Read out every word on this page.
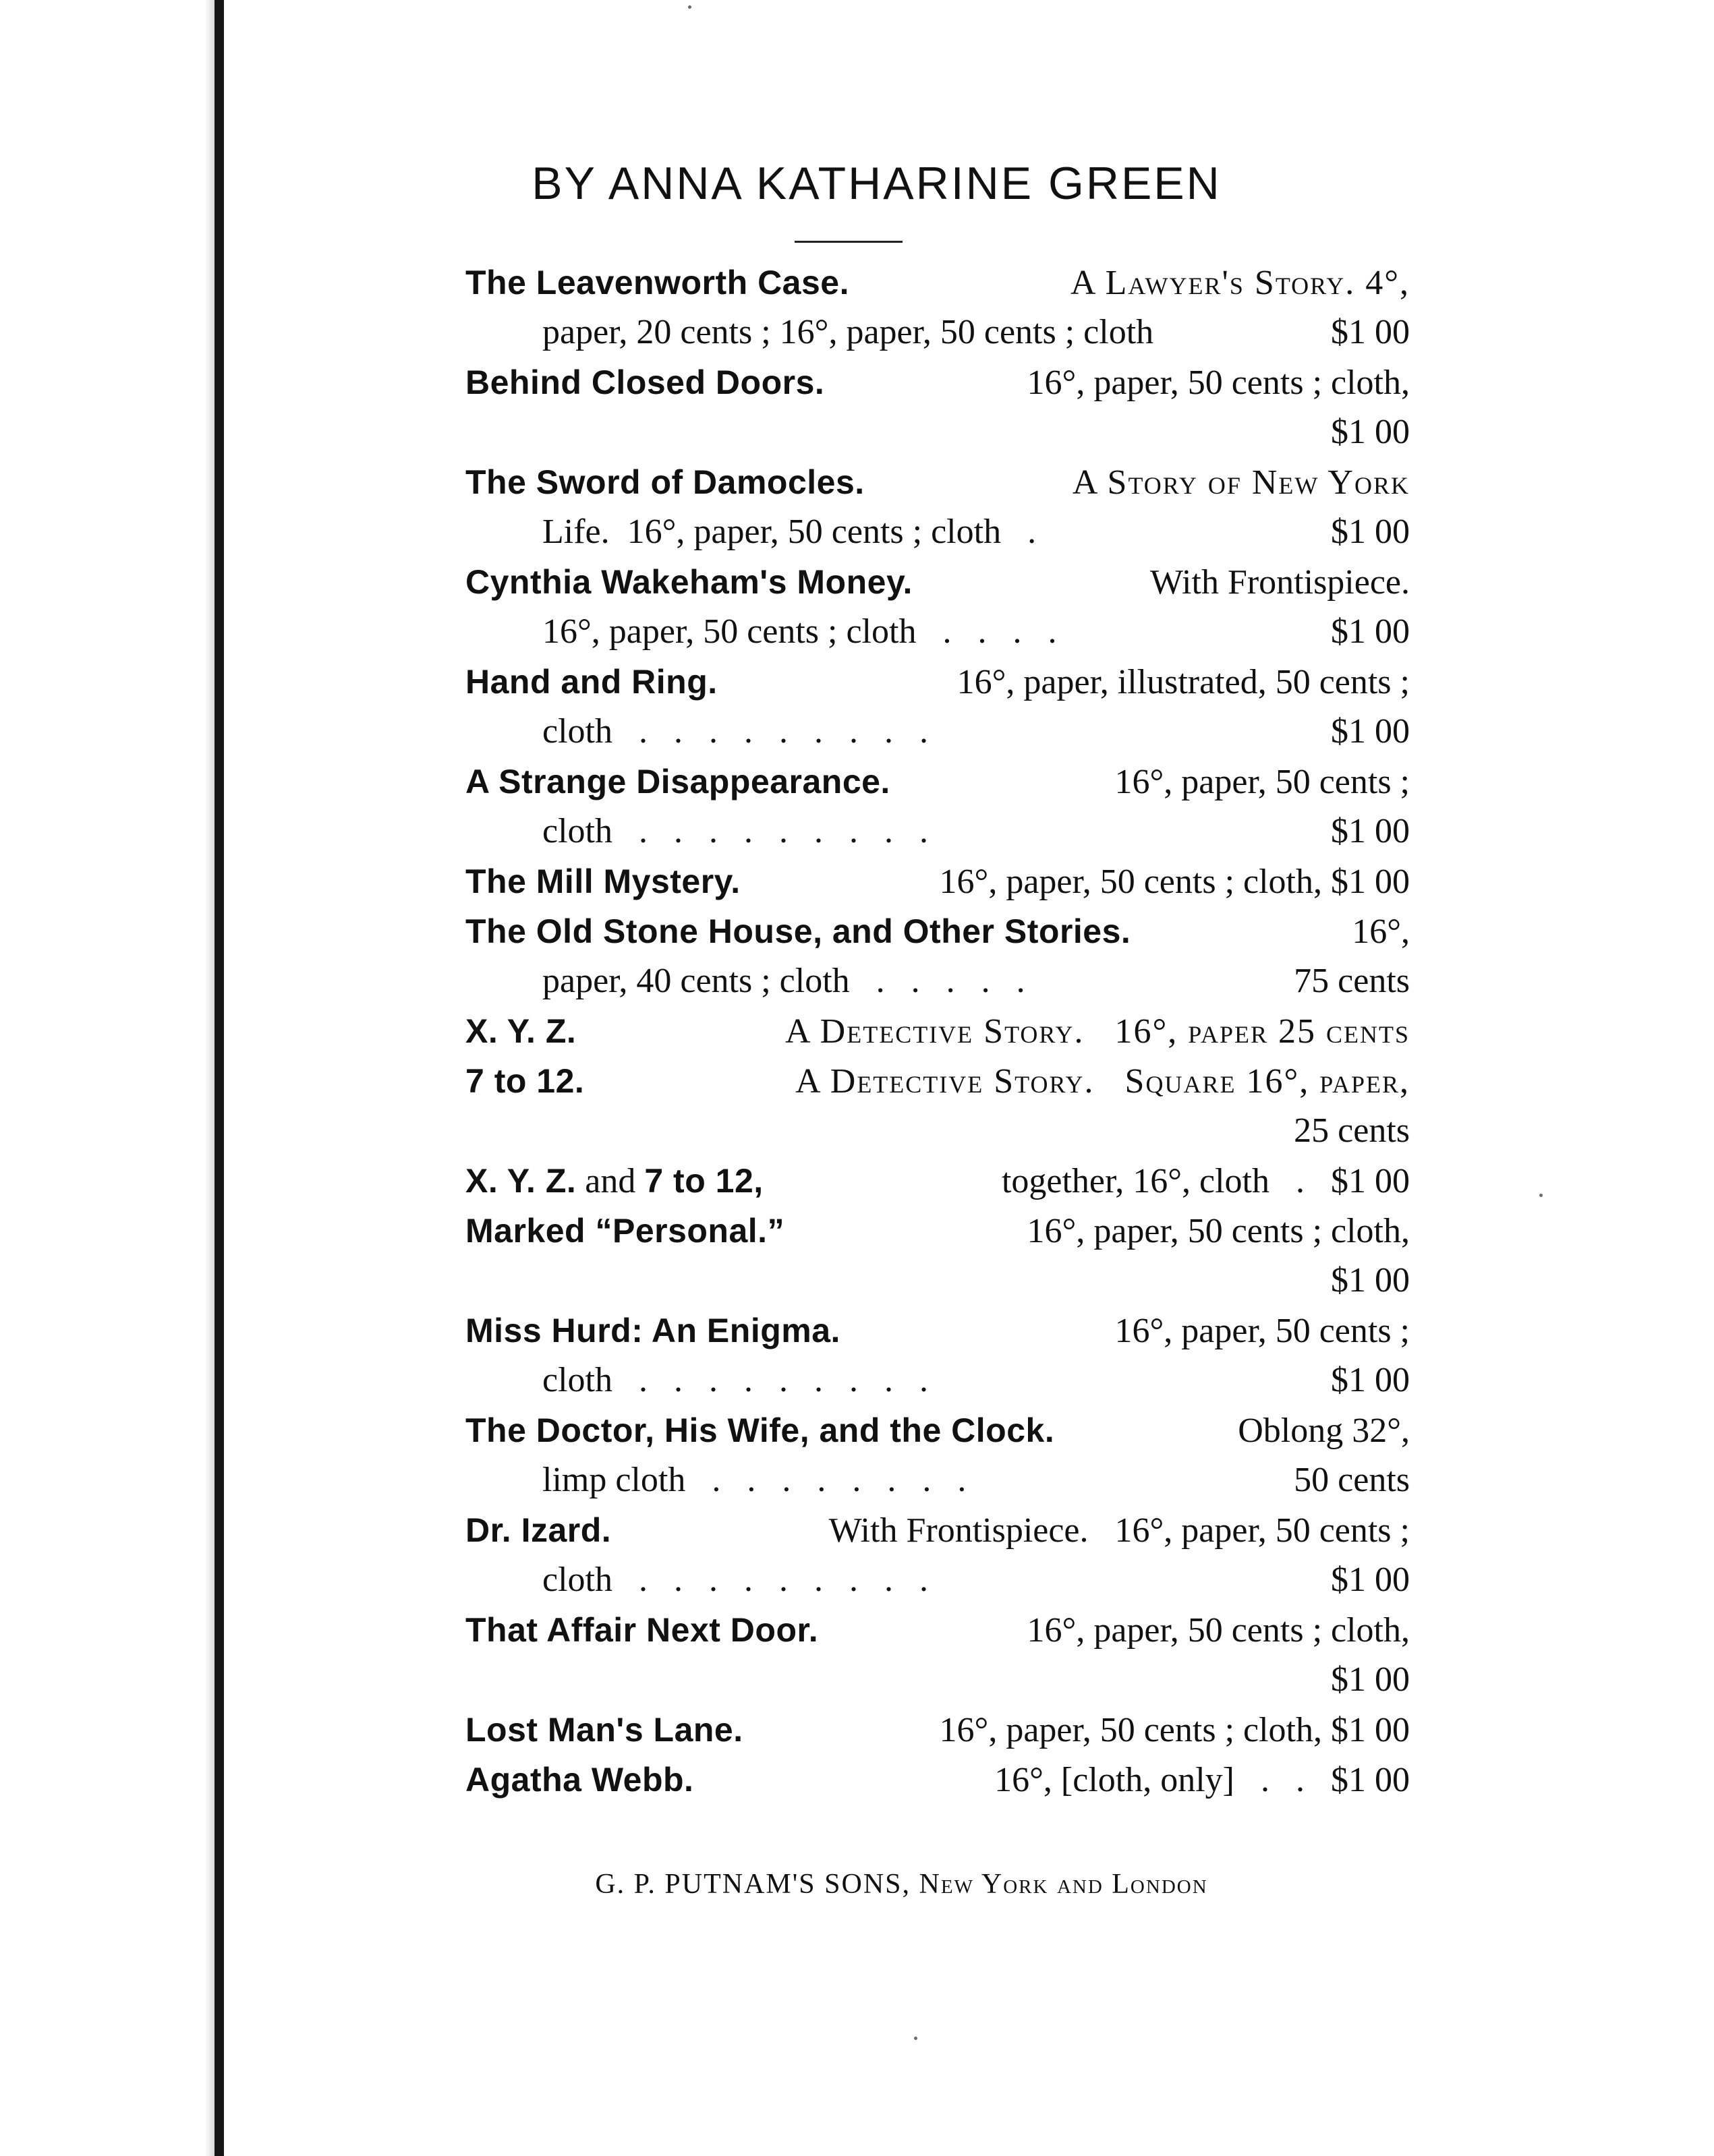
BY ANNA KATHARINE GREEN
The Leavenworth Case.	A Lawyer's Story. 4°,
paper, 20 cents ; 16°, paper, 50 cents ; cloth	$1 00
Behind Closed Doors.	16°, paper, 50 cents ; cloth,
$1 00
The Sword of Damocles.	A Story of New York
Life.  16°, paper, 50 cents ; cloth   .	$1 00
Cynthia Wakeham's Money.	With Frontispiece.
16°, paper, 50 cents ; cloth   .   .   .   .	$1 00
Hand and Ring.	16°, paper, illustrated, 50 cents ;
cloth   .   .   .   .   .   .   .   .   .	$1 00
A Strange Disappearance.	16°, paper, 50 cents ;
cloth   .   .   .   .   .   .   .   .   .	$1 00
The Mill Mystery.	16°, paper, 50 cents ; cloth, $1 00
The Old Stone House, and Other Stories.	16°,
paper, 40 cents ; cloth   .   .   .   .   .	75 cents
X. Y. Z.	A Detective Story.   16°, paper 25 cents
7 to 12.	A Detective Story.   Square 16°, paper,
25 cents
X. Y. Z. and 7 to 12,	together, 16°, cloth   .   $1 00
Marked “Personal.”	16°, paper, 50 cents ; cloth,
$1 00
Miss Hurd: An Enigma.	16°, paper, 50 cents ;
cloth   .   .   .   .   .   .   .   .   .	$1 00
The Doctor, His Wife, and the Clock.	Oblong 32°,
limp cloth   .   .   .   .   .   .   .   .	50 cents
Dr. Izard.	With Frontispiece.   16°, paper, 50 cents ;
cloth   .   .   .   .   .   .   .   .   .	$1 00
That Affair Next Door.	16°, paper, 50 cents ; cloth,
$1 00
Lost Man's Lane.	16°, paper, 50 cents ; cloth, $1 00
Agatha Webb.	16°, [cloth, only]   .   .   $1 00
G. P. PUTNAM'S SONS, New York and London
